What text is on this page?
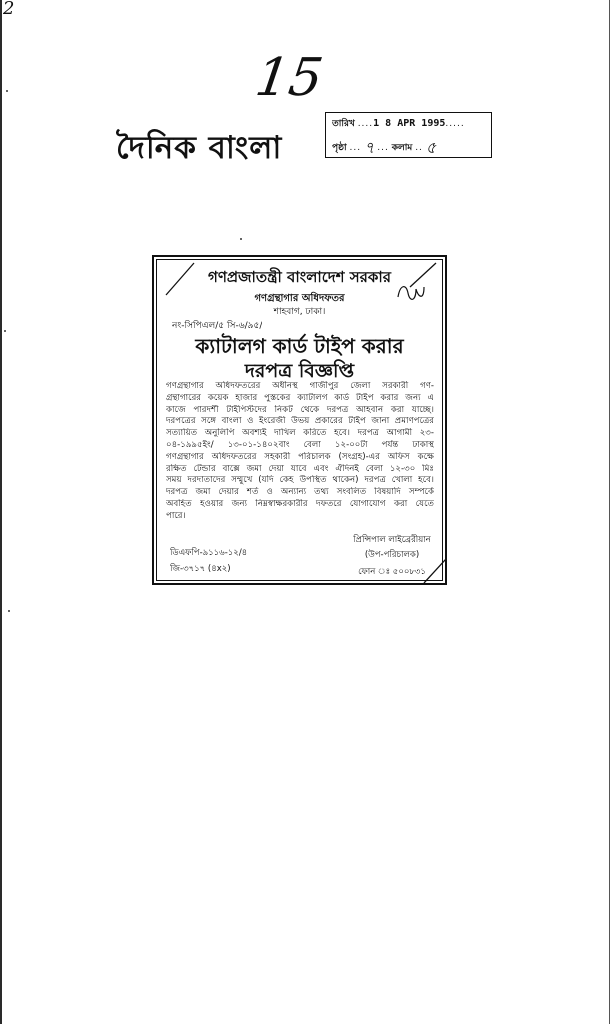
2
15
দৈনিক বাংলা
তারিখ ....1 8 APR 1995.....
পৃষ্ঠা ... ৭ ... কলাম .. ৫
গণপ্রজাতন্ত্রী বাংলাদেশ সরকার
গণগ্রন্থাগার অধিদফতর
শাহবাগ, ঢাকা।
নং-সিপিএল/৫ সি-৬/৯৫/
ক্যাটালগ কার্ড টাইপ করার
দরপত্র বিজ্ঞপ্তি
গণগ্রন্থাগার অধিদফতরের অধীনস্থ গাজীপুর জেলা সরকারী গণ-
গ্রন্থাগারের কয়েক হাজার পুস্তকের ক্যাটালগ কার্ড টাইপ করার জন্য এ
কাজে পারদর্শী টাইপিস্টদের নিকট থেকে দরপত্র আহবান করা যাচ্ছে।
দরপত্রের সঙ্গে বাংলা ও ইংরেজী উভয় প্রকারের টাইপ জানা প্রমাণপত্রের
সত্যায়িত অনুলিপি অবশ্যই দাখিল করিতে হবে। দরপত্র আগামী ২৩-
০৪-১৯৯৫ইং/ ১৩-০১-১৪০২বাং বেলা ১২-০০টা পর্যন্ত ঢাকাস্থ
গণগ্রন্থাগার অধিদফতরের সহকারী পরিচালক (সংগ্রহ)-এর অফিস কক্ষে
রক্ষিত টেন্ডার বাক্সে জমা দেয়া যাবে এবং ঐদিনই বেলা ১২-৩০ মিঃ
সময় দরদাতাদের সম্মুখে (যদি কেহ উপস্থিত থাকেন) দরপত্র খোলা হবে।
দরপত্র জমা দেয়ার শর্ত ও অন্যান্য তথ্য সংবলিত বিষয়াদি সম্পর্কে
অবহিত হওয়ার জন্য নিম্নস্বাক্ষরকারীর দফতরে যোগাযোগ করা যেতে
পারে।
প্রিন্সিপাল লাইব্রেরীয়ান
(উপ-পরিচালক)
ফোন ঃ ৫০০৮৩১
ডিএফপি-৯১১৬-১২/৪
জি-৩৭১৭ (৪x২)
